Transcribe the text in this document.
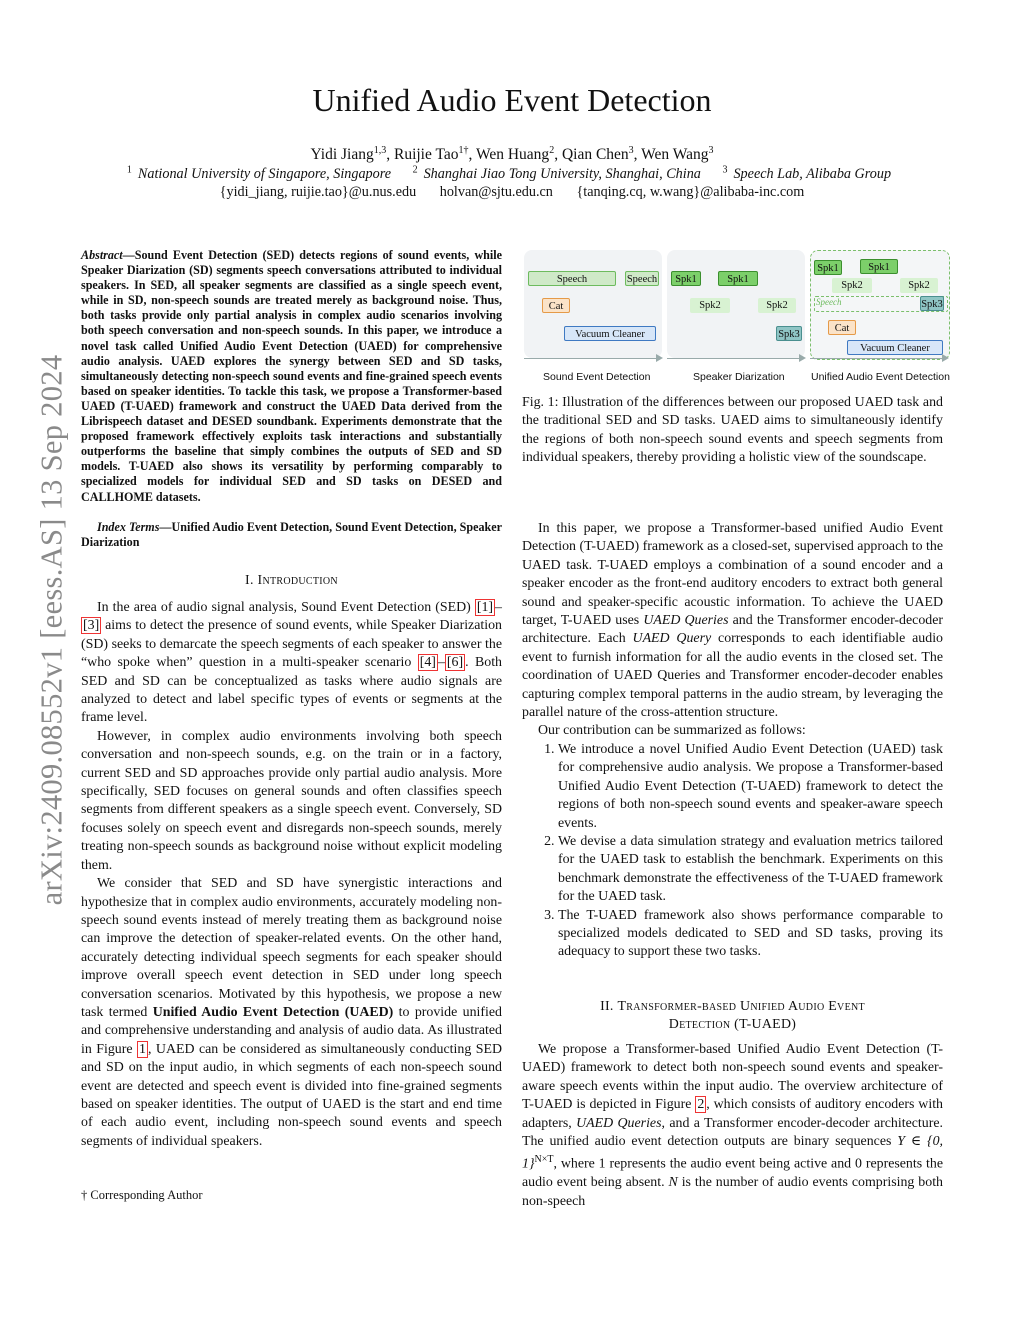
arXiv:2409.08552v1 [eess.AS] 13 Sep 2024
Unified Audio Event Detection
Yidi Jiang$^{1,3}$, Ruijie Tao$^{1\dagger}$, Wen Huang$^2$, Qian Chen$^3$, Wen Wang$^3$
$^1$ National University of Singapore, Singapore $^2$ Shanghai Jiao Tong University, Shanghai, China $^3$ Speech Lab, Alibaba Group
{yidi_jiang, ruijie.tao}@u.nus.edu holvan@sjtu.edu.cn {tanqing.cq, w.wang}@alibaba-inc.com
Abstract—Sound Event Detection (SED) detects regions of sound events, while Speaker Diarization (SD) segments speech conversations attributed to individual speakers. In SED, all speaker segments are classified as a single speech event, while in SD, non-speech sounds are treated merely as background noise. Thus, both tasks provide only partial analysis in complex audio scenarios involving both speech conversation and non-speech sounds. In this paper, we introduce a novel task called Unified Audio Event Detection (UAED) for comprehensive audio analysis. UAED explores the synergy between SED and SD tasks, simultaneously detecting non-speech sound events and fine-grained speech events based on speaker identities. To tackle this task, we propose a Transformer-based UAED (T-UAED) framework and construct the UAED Data derived from the Librispeech dataset and DESED soundbank. Experiments demonstrate that the proposed framework effectively exploits task interactions and substantially outperforms the baseline that simply combines the outputs of SED and SD models. T-UAED also shows its versatility by performing comparably to specialized models for individual SED and SD tasks on DESED and CALLHOME datasets.
Index Terms—Unified Audio Event Detection, Sound Event Detection, Speaker Diarization
I. Introduction

In the area of audio signal analysis, Sound Event Detection (SED) [1] –[3] aims to detect the presence of sound events, while Speaker Diarization (SD) seeks to demarcate the speech segments of each speaker to answer the “who spoke when” question in a multi-speaker scenario [4] – [6] . Both SED and SD can be conceptualized as tasks where audio signals are analyzed to detect and label specific types of events or segments at the frame level.

However, in complex audio environments involving both speech conversation and non-speech sounds, e.g. on the train or in a factory, current SED and SD approaches provide only partial audio analysis. More specifically, SED focuses on general sounds and often classifies speech segments from different speakers as a single speech event. Conversely, SD focuses solely on speech event and disregards non-speech sounds, merely treating non-speech sounds as background noise without explicit modeling them.

We consider that SED and SD have synergistic interactions and hypothesize that in complex audio environments, accurately modeling non-speech sound events instead of merely treating them as background noise can improve the detection of speaker-related events. On the other hand, accurately detecting individual speech segments for each speaker should improve overall speech event detection in SED under long speech conversation scenarios. Motivated by this hypothesis, we propose a new task termed Unified Audio Event Detection (UAED) to provide unified and comprehensive understanding and analysis of audio data. As illustrated in Figure 1 , UAED can be considered as simultaneously conducting SED and SD on the input audio, in which segments of each non-speech sound event are detected and speech event is divided into fine-grained segments based on speaker identities. The output of UAED is the start and end time of each audio event, including non-speech sound events and speech segments of individual speakers.

† Corresponding Author
Speech	Speech
Cat
Vacuum Cleaner
Spk1	Spk1
Spk2	Spk2
Spk3
Spk1	Spk1
Spk2	Spk2
Speech	Spk3
Cat
Vacuum Cleaner
Sound Event Detection	Speaker Diarization	Unified Audio Event Detection
Fig. 1: Illustration of the differences between our proposed UAED task and the traditional SED and SD tasks. UAED aims to simultaneously identify the regions of both non-speech sound events and speech segments from individual speakers, thereby providing a holistic view of the soundscape.

In this paper, we propose a Transformer-based unified Audio Event Detection (T-UAED) framework as a closed-set, supervised approach to the UAED task. T-UAED employs a combination of a sound encoder and a speaker encoder as the front-end auditory encoders to extract both general sound and speaker-specific acoustic information. To achieve the UAED target, T-UAED uses UAED Queries and the Transformer encoder-decoder architecture. Each UAED Query corresponds to each identifiable audio event to furnish information for all the audio events in the closed set. The coordination of UAED Queries and Transformer encoder-decoder enables capturing complex temporal patterns in the audio stream, by leveraging the parallel nature of the cross-attention structure.

Our contribution can be summarized as follows:

1. We introduce a novel Unified Audio Event Detection (UAED) task for comprehensive audio analysis. We propose a Transformer-based Unified Audio Event Detection (T-UAED) framework to detect the regions of both non-speech sound events and speaker-aware speech events.
2. We devise a data simulation strategy and evaluation metrics tailored for the UAED task to establish the benchmark. Experiments on this benchmark demonstrate the effectiveness of the T-UAED framework for the UAED task.
3. The T-UAED framework also shows performance comparable to specialized models dedicated to SED and SD tasks, proving its adequacy to support these two tasks.
II. Transformer-based Unified Audio Event
Detection (T-UAED)

We propose a Transformer-based Unified Audio Event Detection (T-UAED) framework to detect both non-speech sound events and speaker-aware speech events within the input audio. The overview architecture of T-UAED is depicted in Figure 2 , which consists of auditory encoders with adapters, UAED Queries, and a Transformer encoder-decoder architecture. The unified audio event detection outputs are binary sequences Y ∈ {0, 1}$^{N\times T}$, where 1 represents the audio event being active and 0 represents the audio event being absent. N is the number of audio events comprising both non-speech
